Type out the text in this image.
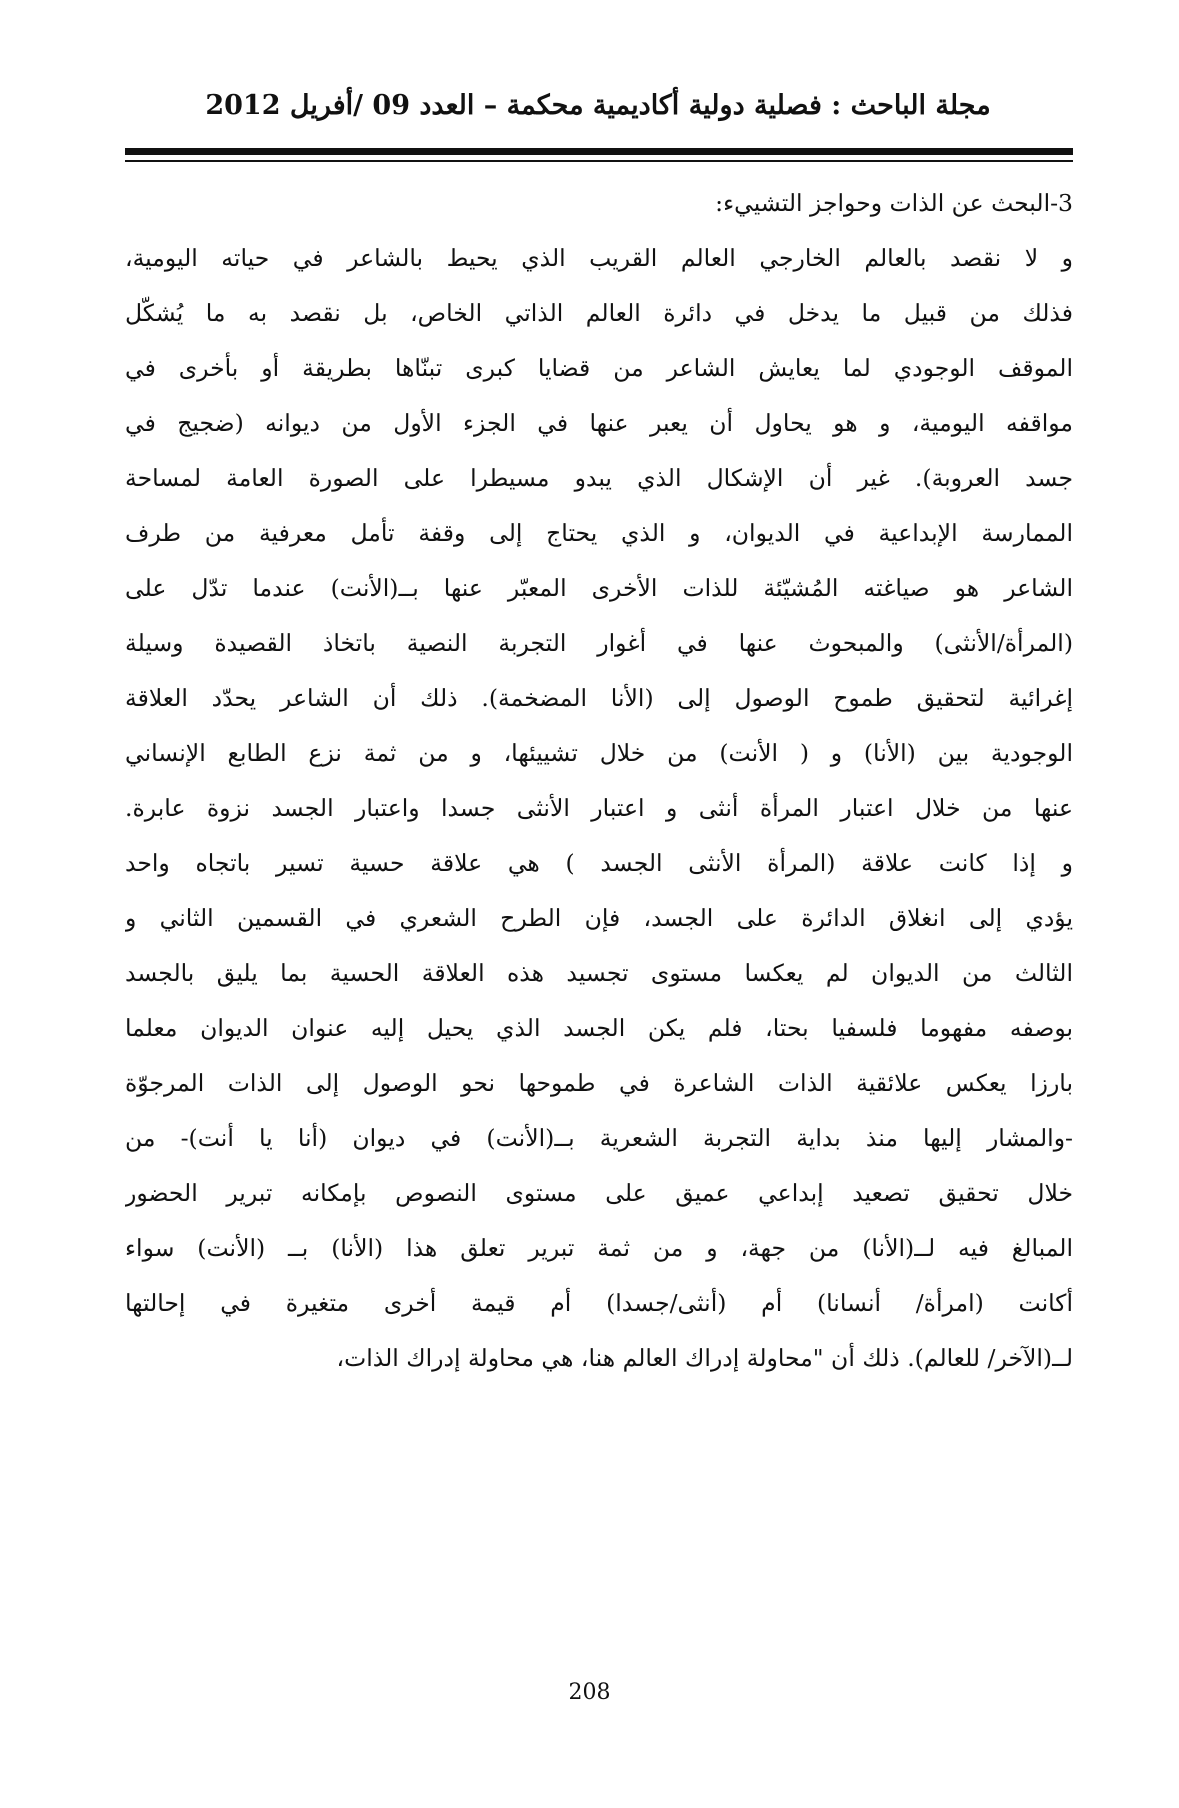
مجلة الباحث : فصلية دولية أكاديمية محكمة – العدد 09 /أفريل 2012
3-البحث عن الذات وحواجز التشييء:
و لا نقصد بالعالم الخارجي العالم القريب الذي يحيط بالشاعر في حياته اليومية،
فذلك من قبيل ما يدخل في دائرة العالم الذاتي الخاص، بل نقصد به ما يُشكّل
الموقف الوجودي لما يعايش الشاعر من قضايا كبرى تبنّاها بطريقة أو بأخرى في
مواقفه اليومية، و هو يحاول أن يعبر عنها في الجزء الأول من ديوانه (ضجيج في
جسد العروبة). غير أن الإشكال الذي يبدو مسيطرا على الصورة العامة لمساحة
الممارسة الإبداعية في الديوان، و الذي يحتاج إلى وقفة تأمل معرفية من طرف
الشاعر هو صياغته المُشيّئة للذات الأخرى المعبّر عنها بــ(الأنت) عندما تدّل على
(المرأة/الأنثى) والمبحوث عنها في أغوار التجربة النصية باتخاذ القصيدة وسيلة
إغرائية لتحقيق طموح الوصول إلى (الأنا المضخمة). ذلك أن الشاعر يحدّد العلاقة
الوجودية بين (الأنا) و ( الأنت) من خلال تشييئها، و من ثمة نزع الطابع الإنساني
عنها من خلال اعتبار المرأة أنثى و اعتبار الأنثى جسدا واعتبار الجسد نزوة عابرة.
و إذا كانت علاقة (المرأة الأنثى الجسد ) هي علاقة حسية تسير باتجاه واحد
يؤدي إلى انغلاق الدائرة على الجسد، فإن الطرح الشعري في القسمين الثاني و
الثالث من الديوان لم يعكسا مستوى تجسيد هذه العلاقة الحسية بما يليق بالجسد
بوصفه مفهوما فلسفيا بحتا، فلم يكن الجسد الذي يحيل إليه عنوان الديوان معلما
بارزا يعكس علائقية الذات الشاعرة في طموحها نحو الوصول إلى الذات المرجوّة
-والمشار إليها منذ بداية التجربة الشعرية بــ(الأنت) في ديوان (أنا يا أنت)- من
خلال تحقيق تصعيد إبداعي عميق على مستوى النصوص بإمكانه تبرير الحضور
المبالغ فيه لــ(الأنا) من جهة، و من ثمة تبرير تعلق هذا (الأنا) بــ (الأنت) سواء
أكانت (امرأة/ أنسانا) أم (أنثى/جسدا) أم قيمة أخرى متغيرة في إحالتها
لــ(الآخر/ للعالم). ذلك أن "محاولة إدراك العالم هنا، هي محاولة إدراك الذات،
208
